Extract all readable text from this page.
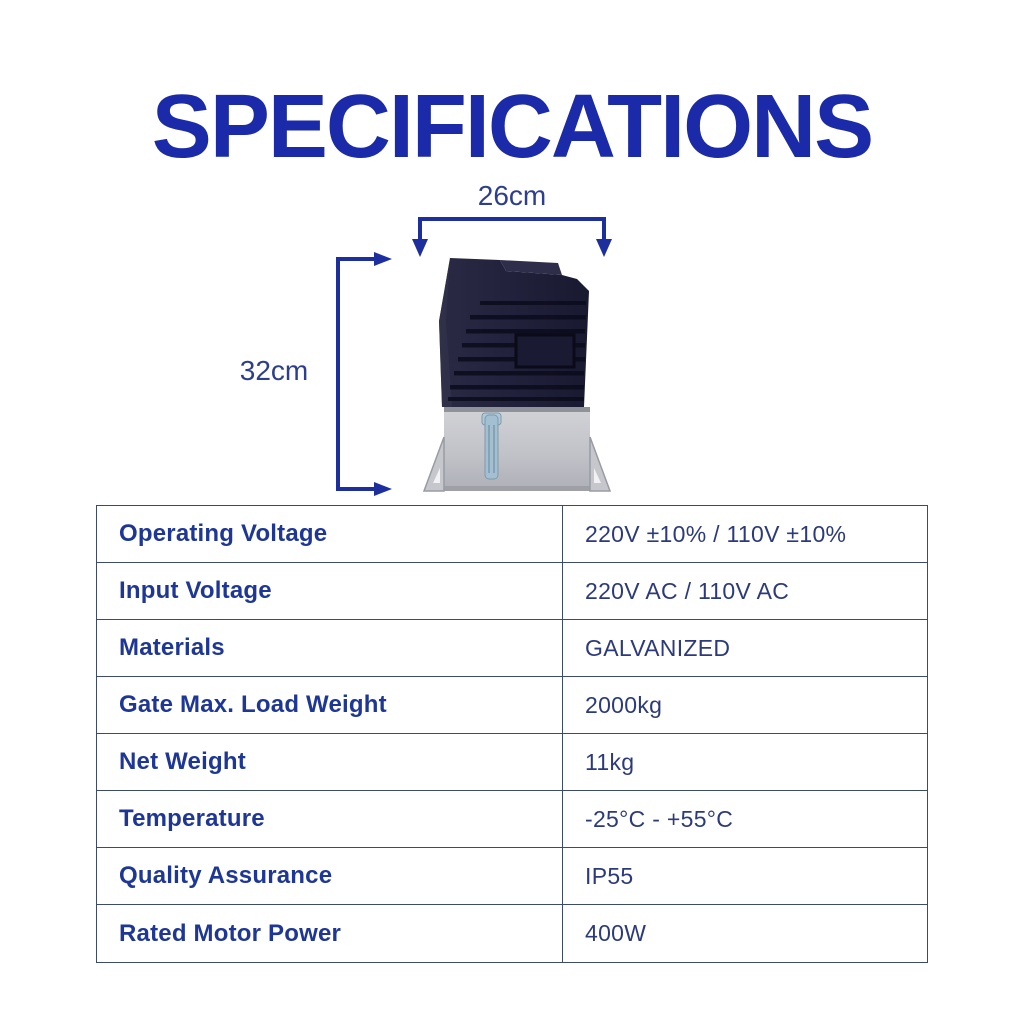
SPECIFICATIONS
26cm
32cm
Operating Voltage	220V ±10% / 110V ±10%
Input Voltage	220V AC / 110V AC
Materials	GALVANIZED
Gate Max. Load Weight	2000kg
Net Weight	11kg
Temperature	-25°C - +55°C
Quality Assurance	IP55
Rated Motor Power	400W
